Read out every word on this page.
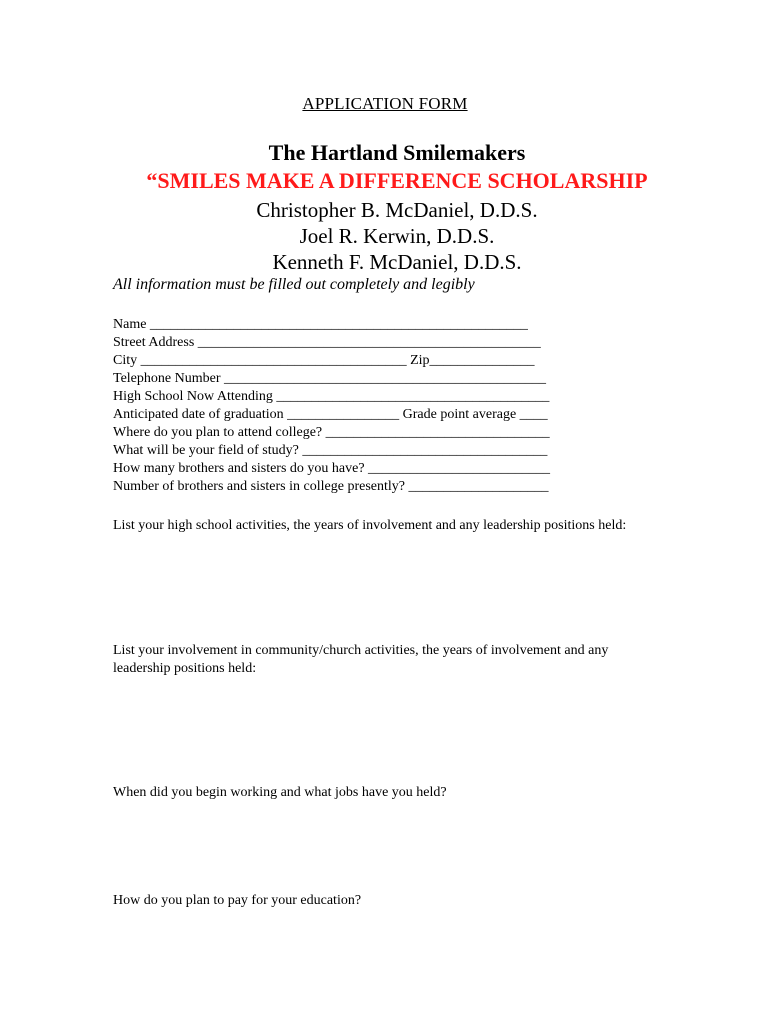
APPLICATION FORM
The Hartland Smilemakers
“SMILES MAKE A DIFFERENCE SCHOLARSHIP
Christopher B. McDaniel, D.D.S.
Joel R. Kerwin, D.D.S.
Kenneth F. McDaniel, D.D.S.
All information must be filled out completely and legibly
Name ______________________________________________________
Street Address _________________________________________________
City ______________________________________ Zip_______________
Telephone Number ______________________________________________
High School Now Attending _______________________________________
Anticipated date of graduation ________________ Grade point average ____
Where do you plan to attend college? ________________________________
What will be your field of study? ___________________________________
How many brothers and sisters do you have? __________________________
Number of brothers and sisters in college presently? ____________________
List your high school activities, the years of involvement and any leadership positions held:
List your involvement in community/church activities, the years of involvement and any leadership positions held:
When did you begin working and what jobs have you held?
How do you plan to pay for your education?
